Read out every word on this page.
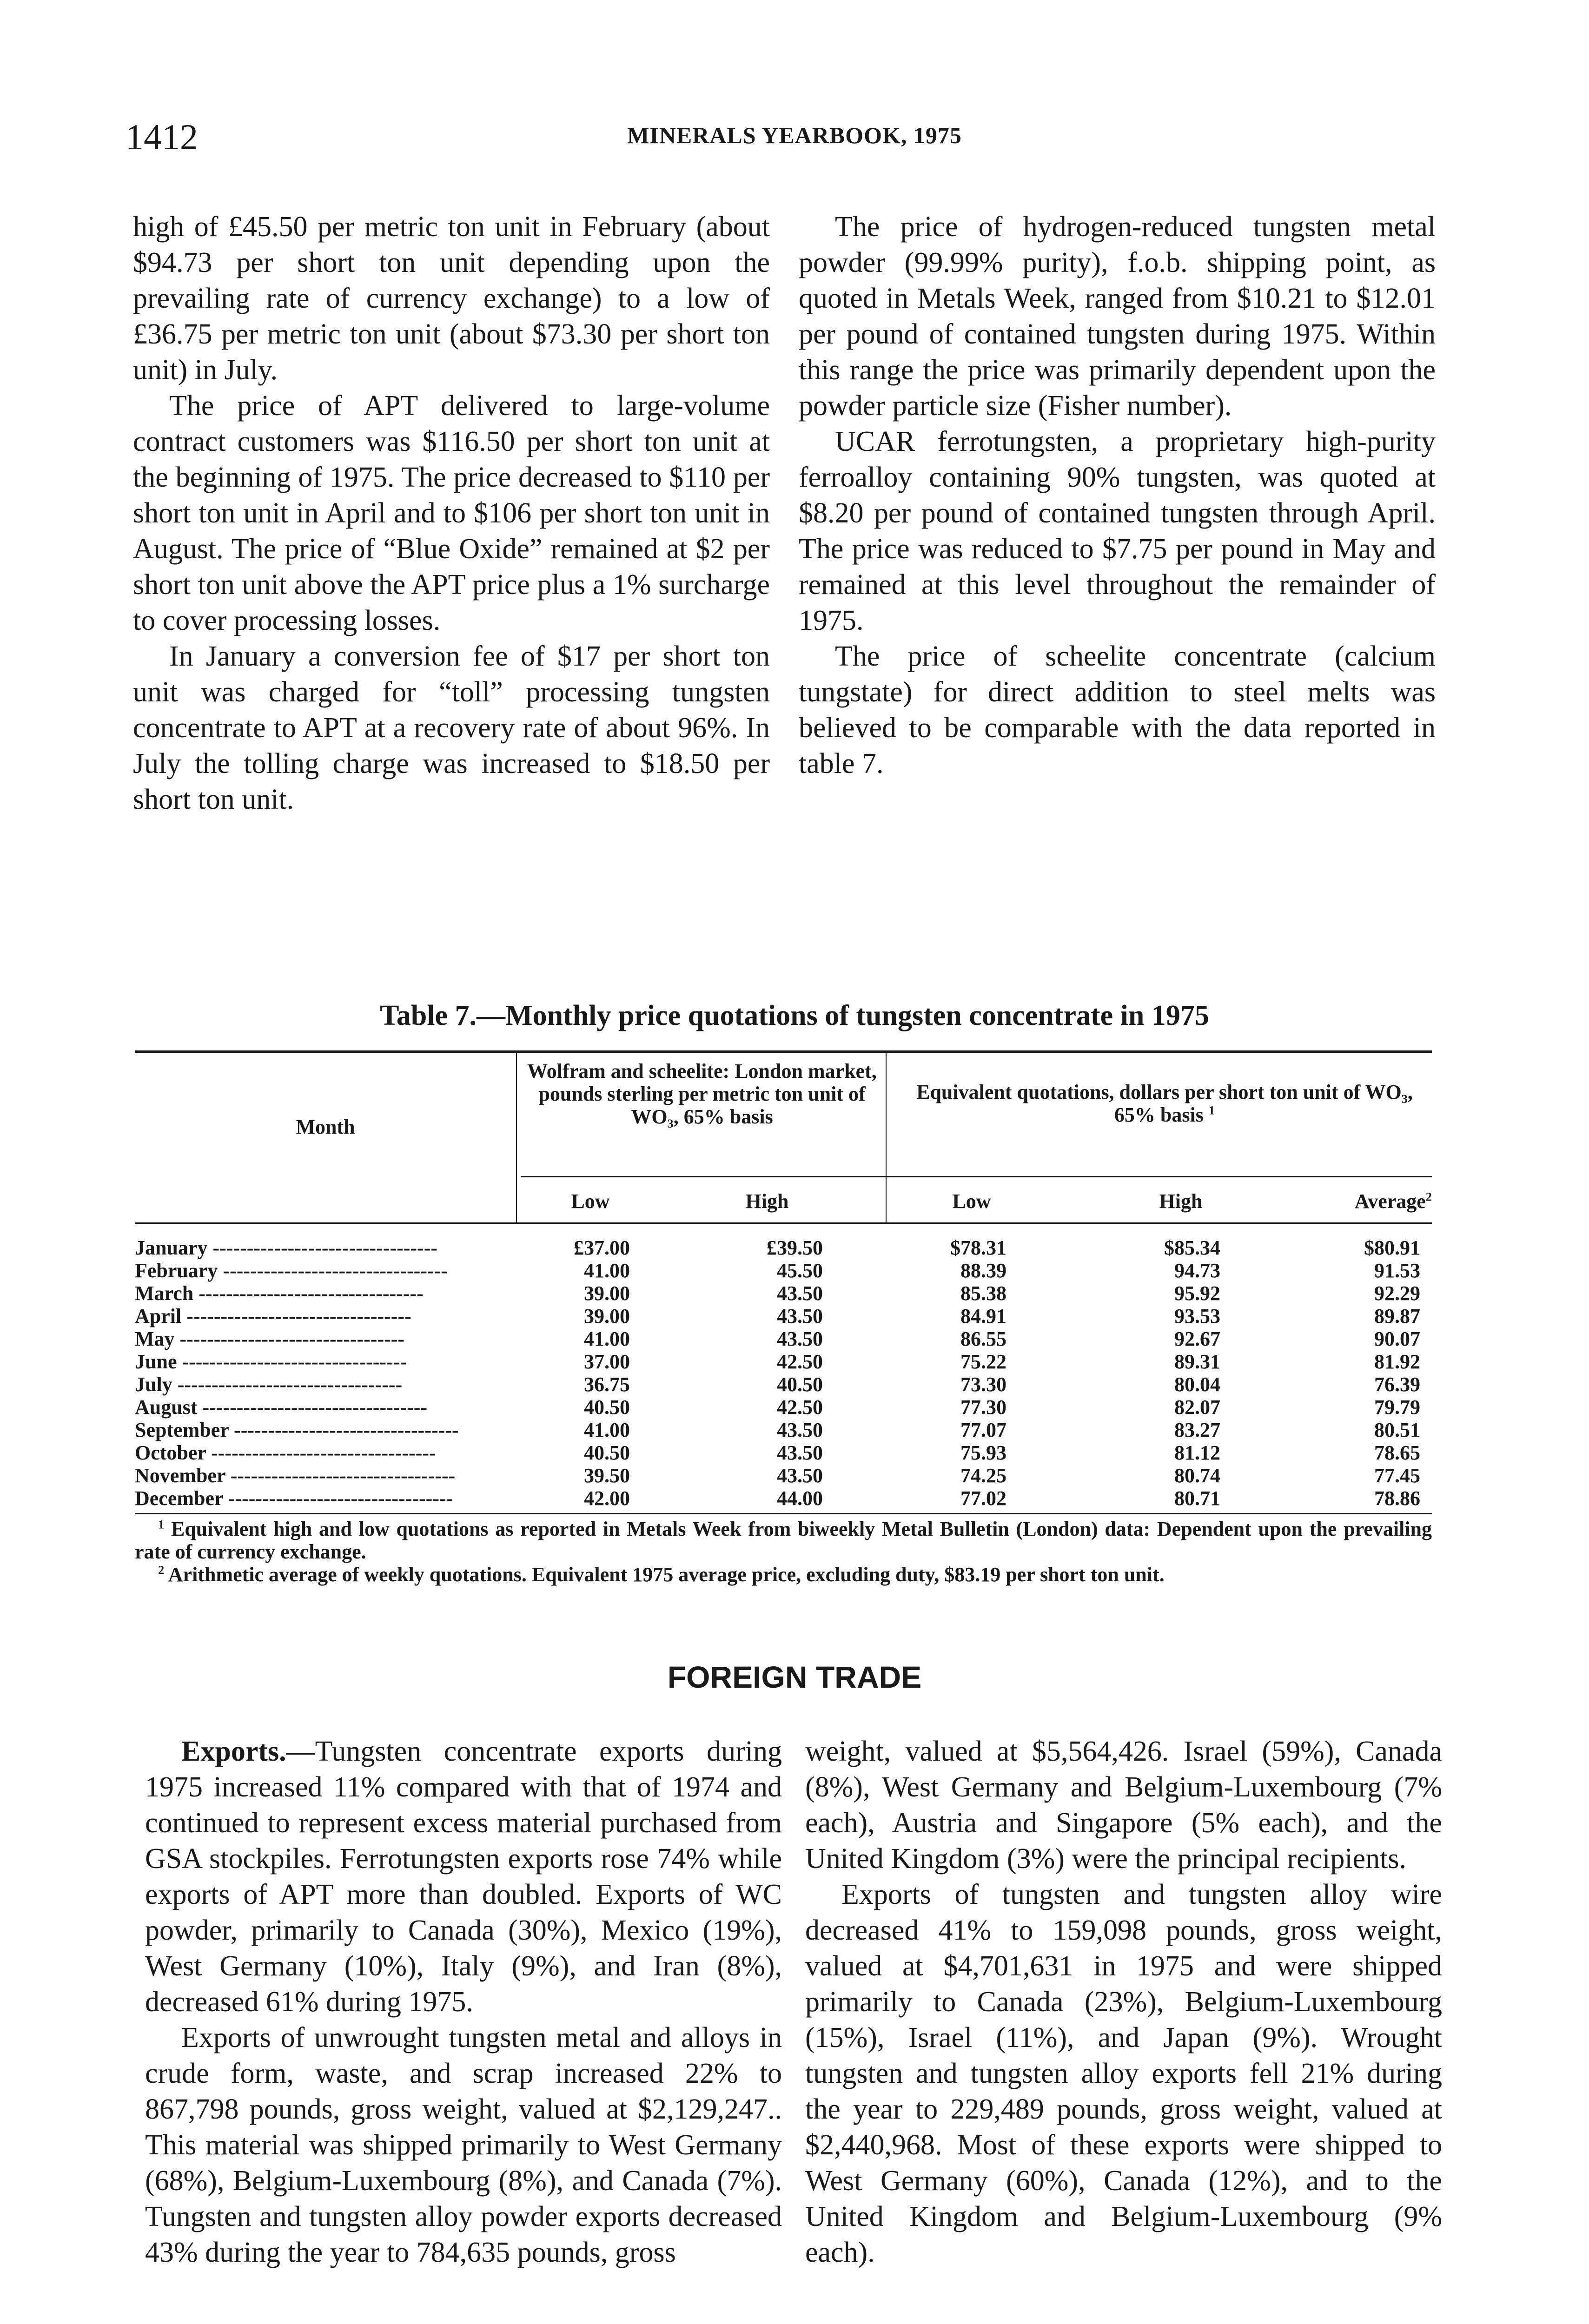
1412	MINERALS YEARBOOK, 1975

high of £45.50 per metric ton unit in February (about $94.73 per short ton unit depending upon the prevailing rate of currency exchange) to a low of £36.75 per metric ton unit (about $73.30 per short ton unit) in July.

The price of APT delivered to large-volume contract customers was $116.50 per short ton unit at the beginning of 1975. The price decreased to $110 per short ton unit in April and to $106 per short ton unit in August. The price of “Blue Oxide” remained at $2 per short ton unit above the APT price plus a 1% surcharge to cover processing losses.

In January a conversion fee of $17 per short ton unit was charged for “toll” processing tungsten concentrate to APT at a recovery rate of about 96%. In July the tolling charge was increased to $18.50 per short ton unit.

The price of hydrogen-reduced tungsten metal powder (99.99% purity), f.o.b. shipping point, as quoted in Metals Week, ranged from $10.21 to $12.01 per pound of contained tungsten during 1975. Within this range the price was primarily dependent upon the powder particle size (Fisher number).

UCAR ferrotungsten, a proprietary high-purity ferroalloy containing 90% tungsten, was quoted at $8.20 per pound of contained tungsten through April. The price was reduced to $7.75 per pound in May and remained at this level throughout the remainder of 1975.

The price of scheelite concentrate (calcium tungstate) for direct addition to steel melts was believed to be comparable with the data reported in table 7.

Table 7.—Monthly price quotations of tungsten concentrate in 1975
Month
Wolfram and scheelite: London market, pounds sterling per metric ton unit of WO₃, 65% basis
Equivalent quotations, dollars per short ton unit of WO₃, 65% basis $^1$
Low	High	Low	High	Average$^2$
January ---------------------------------	£37.00	£39.50	$78.31	$85.34	$80.91
February ---------------------------------	41.00	45.50	88.39	94.73	91.53
March ---------------------------------	39.00	43.50	85.38	95.92	92.29
April ---------------------------------	39.00	43.50	84.91	93.53	89.87
May ---------------------------------	41.00	43.50	86.55	92.67	90.07
June ---------------------------------	37.00	42.50	75.22	89.31	81.92
July ---------------------------------	36.75	40.50	73.30	80.04	76.39
August ---------------------------------	40.50	42.50	77.30	82.07	79.79
September ---------------------------------	41.00	43.50	77.07	83.27	80.51
October ---------------------------------	40.50	43.50	75.93	81.12	78.65
November ---------------------------------	39.50	43.50	74.25	80.74	77.45
December ---------------------------------	42.00	44.00	77.02	80.71	78.86

$^1$ Equivalent high and low quotations as reported in Metals Week from biweekly Metal Bulletin (London) data: Dependent upon the prevailing rate of currency exchange.

$^2$ Arithmetic average of weekly quotations. Equivalent 1975 average price, excluding duty, $83.19 per short ton unit.

FOREIGN TRADE

Exports.—Tungsten concentrate exports during 1975 increased 11% compared with that of 1974 and continued to represent excess material purchased from GSA stockpiles. Ferrotungsten exports rose 74% while exports of APT more than doubled. Exports of WC powder, primarily to Canada (30%), Mexico (19%), West Germany (10%), Italy (9%), and Iran (8%), decreased 61% during 1975.

Exports of unwrought tungsten metal and alloys in crude form, waste, and scrap increased 22% to 867,798 pounds, gross weight, valued at $2,129,247.. This material was shipped primarily to West Germany (68%), Belgium-Luxembourg (8%), and Canada (7%). Tungsten and tungsten alloy powder exports decreased 43% during the year to 784,635 pounds, gross

weight, valued at $5,564,426. Israel (59%), Canada (8%), West Germany and Belgium-Luxembourg (7% each), Austria and Singapore (5% each), and the United Kingdom (3%) were the principal recipients.

Exports of tungsten and tungsten alloy wire decreased 41% to 159,098 pounds, gross weight, valued at $4,701,631 in 1975 and were shipped primarily to Canada (23%), Belgium-Luxembourg (15%), Israel (11%), and Japan (9%). Wrought tungsten and tungsten alloy exports fell 21% during the year to 229,489 pounds, gross weight, valued at $2,440,968. Most of these exports were shipped to West Germany (60%), Canada (12%), and to the United Kingdom and Belgium-Luxembourg (9% each).
